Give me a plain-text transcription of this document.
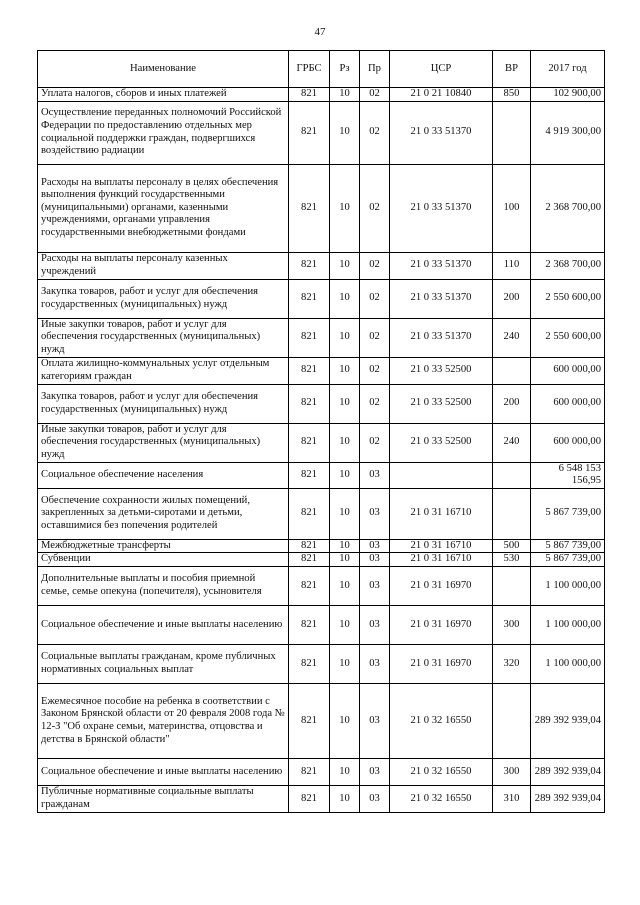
47
Наименование	ГРБС	Рз	Пр	ЦСР	ВР	2017 год
Уплата налогов, сборов и иных платежей	821	10	02	21 0 21 10840	850	102 900,00
Осуществление переданных полномочий Российской Федерации по предоставлению отдельных мер социальной поддержки граждан, подвергшихся воздействию радиации	821	10	02	21 0 33 51370		4 919 300,00
Расходы на выплаты персоналу в целях обеспечения выполнения функций государственными (муниципальными) органами, казенными учреждениями, органами управления государственными внебюджетными фондами	821	10	02	21 0 33 51370	100	2 368 700,00
Расходы на выплаты персоналу казенных учреждений	821	10	02	21 0 33 51370	110	2 368 700,00
Закупка товаров, работ и услуг для обеспечения государственных (муниципальных) нужд	821	10	02	21 0 33 51370	200	2 550 600,00
Иные закупки товаров, работ и услуг для обеспечения государственных (муниципальных) нужд	821	10	02	21 0 33 51370	240	2 550 600,00
Оплата жилищно-коммунальных услуг отдельным категориям граждан	821	10	02	21 0 33 52500		600 000,00
Закупка товаров, работ и услуг для обеспечения государственных (муниципальных) нужд	821	10	02	21 0 33 52500	200	600 000,00
Иные закупки товаров, работ и услуг для обеспечения государственных (муниципальных) нужд	821	10	02	21 0 33 52500	240	600 000,00
Социальное обеспечение населения	821	10	03			6 548 153 156,95
Обеспечение сохранности жилых помещений, закрепленных за детьми-сиротами и детьми, оставшимися без попечения родителей	821	10	03	21 0 31 16710		5 867 739,00
Межбюджетные трансферты	821	10	03	21 0 31 16710	500	5 867 739,00
Субвенции	821	10	03	21 0 31 16710	530	5 867 739,00
Дополнительные выплаты и пособия приемной семье, семье опекуна (попечителя), усыновителя	821	10	03	21 0 31 16970		1 100 000,00
Социальное обеспечение и иные выплаты населению	821	10	03	21 0 31 16970	300	1 100 000,00
Социальные выплаты гражданам, кроме публичных нормативных социальных выплат	821	10	03	21 0 31 16970	320	1 100 000,00
Ежемесячное пособие на ребенка в соответствии с Законом Брянской области от 20 февраля 2008 года № 12-З "Об охране семьи, материнства, отцовства и детства в Брянской области"	821	10	03	21 0 32 16550		289 392 939,04
Социальное обеспечение и иные выплаты населению	821	10	03	21 0 32 16550	300	289 392 939,04
Публичные нормативные социальные выплаты гражданам	821	10	03	21 0 32 16550	310	289 392 939,04
